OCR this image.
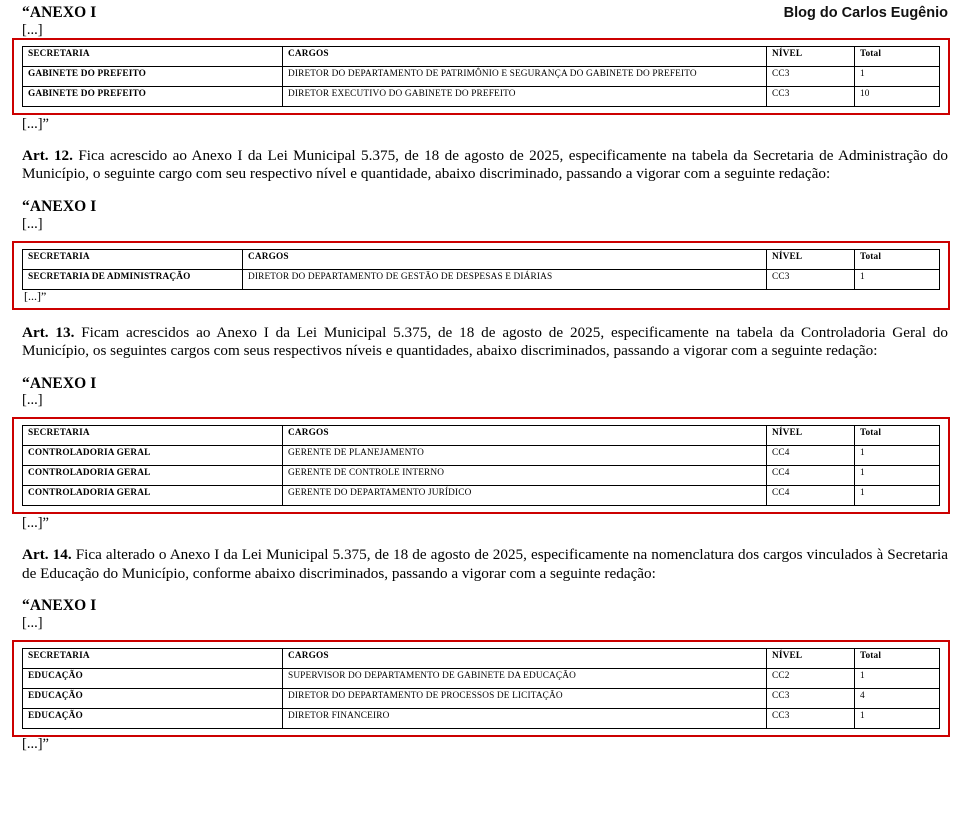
“ANEXO I
[...]
Blog do Carlos Eugênio
SECRETARIA	CARGOS	NÍVEL	Total
GABINETE DO PREFEITO	DIRETOR DO DEPARTAMENTO DE PATRIMÔNIO E SEGURANÇA DO GABINETE DO PREFEITO	CC3	1
GABINETE DO PREFEITO	DIRETOR EXECUTIVO DO GABINETE DO PREFEITO	CC3	10
[...]”

Art. 12. Fica acrescido ao Anexo I da Lei Municipal 5.375, de 18 de agosto de 2025, especificamente na tabela da Secretaria de Administração do Município, o seguinte cargo com seu respectivo nível e quantidade, abaixo discriminado, passando a vigorar com a seguinte redação:

“ANEXO I
[...]
SECRETARIA	CARGOS	NÍVEL	Total
SECRETARIA DE ADMINISTRAÇÃO	DIRETOR DO DEPARTAMENTO DE GESTÃO DE DESPESAS E DIÁRIAS	CC3	1
[...]”

Art. 13. Ficam acrescidos ao Anexo I da Lei Municipal 5.375, de 18 de agosto de 2025, especificamente na tabela da Controladoria Geral do Município, os seguintes cargos com seus respectivos níveis e quantidades, abaixo discriminados, passando a vigorar com a seguinte redação:

“ANEXO I
[...]
SECRETARIA	CARGOS	NÍVEL	Total
CONTROLADORIA GERAL	GERENTE DE PLANEJAMENTO	CC4	1
CONTROLADORIA GERAL	GERENTE DE CONTROLE INTERNO	CC4	1
CONTROLADORIA GERAL	GERENTE DO DEPARTAMENTO JURÍDICO	CC4	1
[...]”

Art. 14. Fica alterado o Anexo I da Lei Municipal 5.375, de 18 de agosto de 2025, especificamente na nomenclatura dos cargos vinculados à Secretaria de Educação do Município, conforme abaixo discriminados, passando a vigorar com a seguinte redação:

“ANEXO I
[...]
SECRETARIA	CARGOS	NÍVEL	Total
EDUCAÇÃO	SUPERVISOR DO DEPARTAMENTO DE GABINETE DA EDUCAÇÃO	CC2	1
EDUCAÇÃO	DIRETOR DO DEPARTAMENTO DE PROCESSOS DE LICITAÇÃO	CC3	4
EDUCAÇÃO	DIRETOR FINANCEIRO	CC3	1
[...]”
